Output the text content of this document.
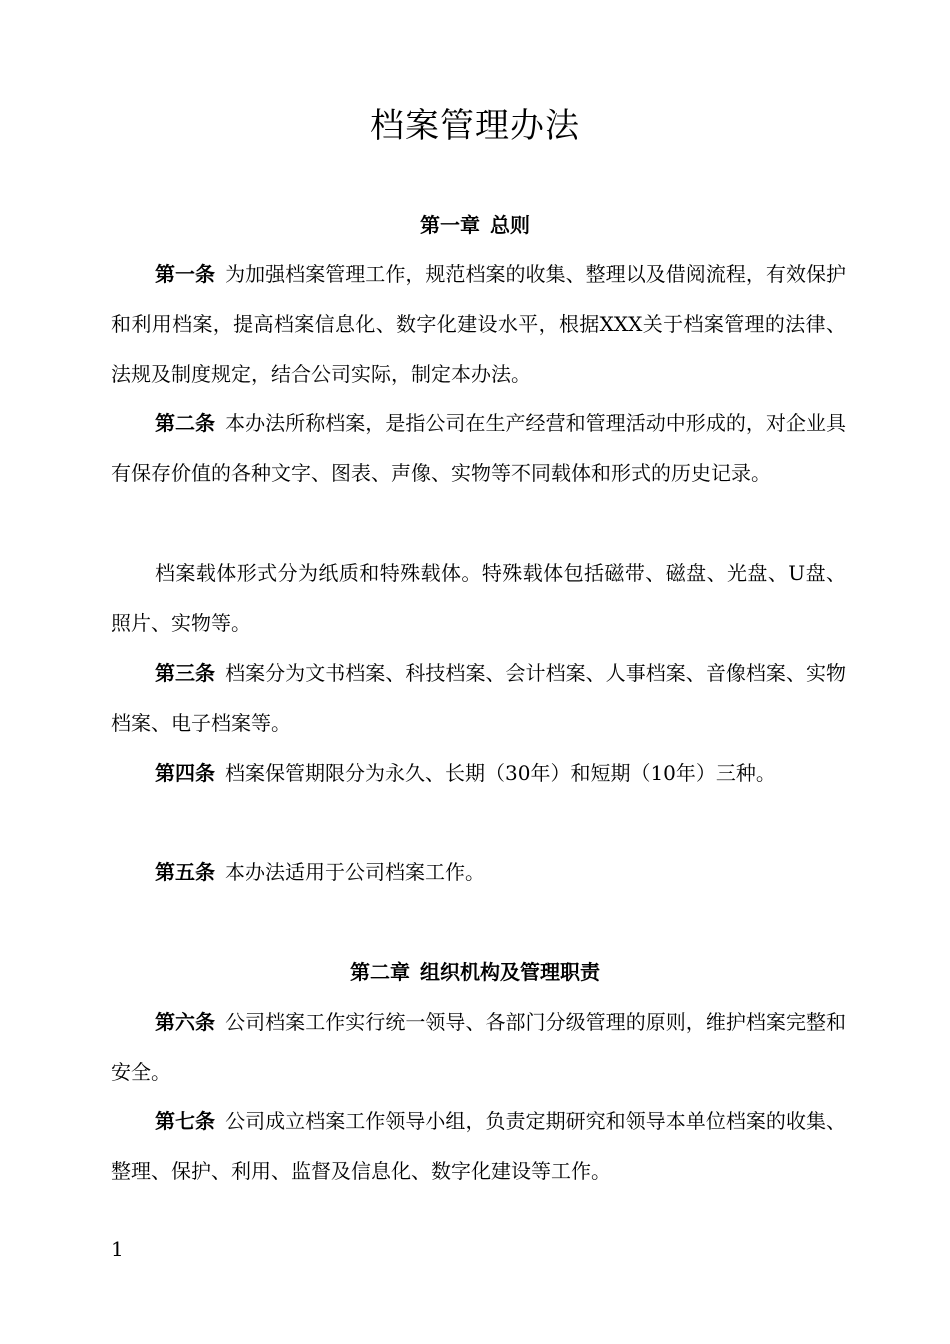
档案管理办法
第一章 总则

第一条 为加强档案管理工作，规范档案的收集、整理以及借阅流程，有效保护和利用档案，提高档案信息化、数字化建设水平，根据XXX关于档案管理的法律、法规及制度规定，结合公司实际，制定本办法。

第二条 本办法所称档案，是指公司在生产经营和管理活动中形成的，对企业具有保存价值的各种文字、图表、声像、实物等不同载体和形式的历史记录。

档案载体形式分为纸质和特殊载体。特殊载体包括磁带、磁盘、光盘、U盘、照片、实物等。

第三条 档案分为文书档案、科技档案、会计档案、人事档案、音像档案、实物档案、电子档案等。

第四条 档案保管期限分为永久、长期（30年）和短期（10年）三种。

第五条 本办法适用于公司档案工作。

第二章 组织机构及管理职责

第六条 公司档案工作实行统一领导、各部门分级管理的原则，维护档案完整和安全。

第七条 公司成立档案工作领导小组，负责定期研究和领导本单位档案的收集、整理、保护、利用、监督及信息化、数字化建设等工作。

1
